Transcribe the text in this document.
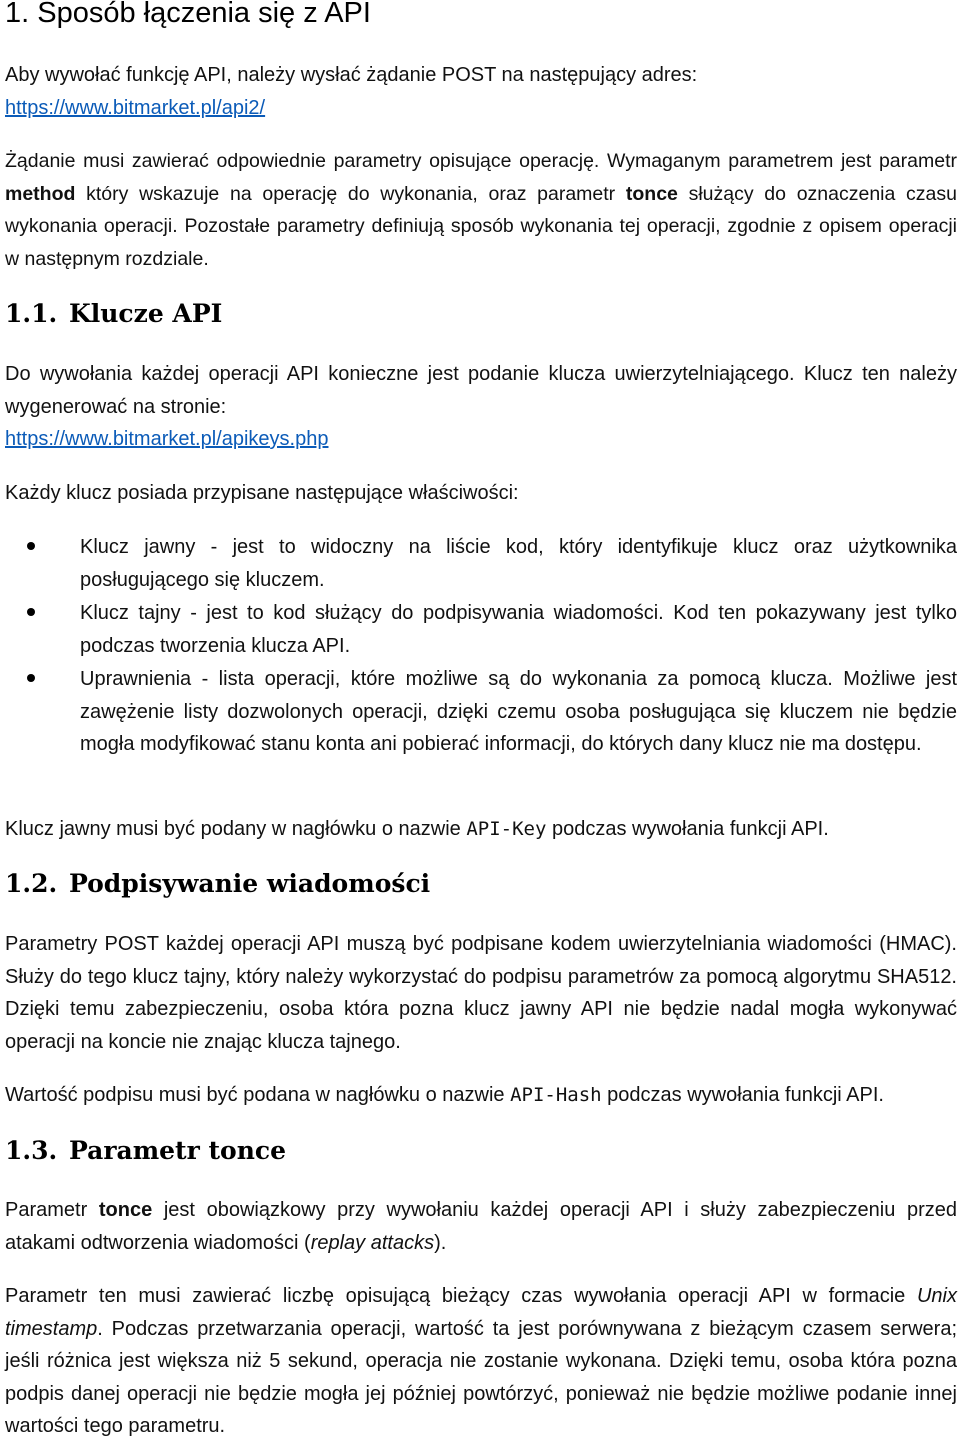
1. Sposób łączenia się z API

Aby wywołać funkcję API, należy wysłać żądanie POST na następujący adres:
https://www.bitmarket.pl/api2/

Żądanie musi zawierać odpowiednie parametry opisujące operację. Wymaganym parametrem jest parametr method który wskazuje na operację do wykonania, oraz parametr tonce służący do oznaczenia czasu wykonania operacji. Pozostałe parametry definiują sposób wykonania tej operacji, zgodnie z opisem operacji w następnym rozdziale.

1.1. Klucze API

Do wywołania każdej operacji API konieczne jest podanie klucza uwierzytelniającego. Klucz ten należy wygenerować na stronie:
https://www.bitmarket.pl/apikeys.php

Każdy klucz posiada przypisane następujące właściwości:

Klucz jawny - jest to widoczny na liście kod, który identyfikuje klucz oraz użytkownika posługującego się kluczem.
Klucz tajny - jest to kod służący do podpisywania wiadomości. Kod ten pokazywany jest tylko podczas tworzenia klucza API.
Uprawnienia - lista operacji, które możliwe są do wykonania za pomocą klucza. Możliwe jest zawężenie listy dozwolonych operacji, dzięki czemu osoba posługująca się kluczem nie będzie mogła modyfikować stanu konta ani pobierać informacji, do których dany klucz nie ma dostępu.

Klucz jawny musi być podany w nagłówku o nazwie API-Key podczas wywołania funkcji API.

1.2. Podpisywanie wiadomości

Parametry POST każdej operacji API muszą być podpisane kodem uwierzytelniania wiadomości (HMAC). Służy do tego klucz tajny, który należy wykorzystać do podpisu parametrów za pomocą algorytmu SHA512. Dzięki temu zabezpieczeniu, osoba która pozna klucz jawny API nie będzie nadal mogła wykonywać operacji na koncie nie znając klucza tajnego.

Wartość podpisu musi być podana w nagłówku o nazwie API-Hash podczas wywołania funkcji API.

1.3. Parametr tonce

Parametr tonce jest obowiązkowy przy wywołaniu każdej operacji API i służy zabezpieczeniu przed atakami odtworzenia wiadomości (replay attacks).

Parametr ten musi zawierać liczbę opisującą bieżący czas wywołania operacji API w formacie Unix timestamp. Podczas przetwarzania operacji, wartość ta jest porównywana z bieżącym czasem serwera; jeśli różnica jest większa niż 5 sekund, operacja nie zostanie wykonana. Dzięki temu, osoba która pozna podpis danej operacji nie będzie mogła jej później powtórzyć, ponieważ nie będzie możliwe podanie innej wartości tego parametru.
